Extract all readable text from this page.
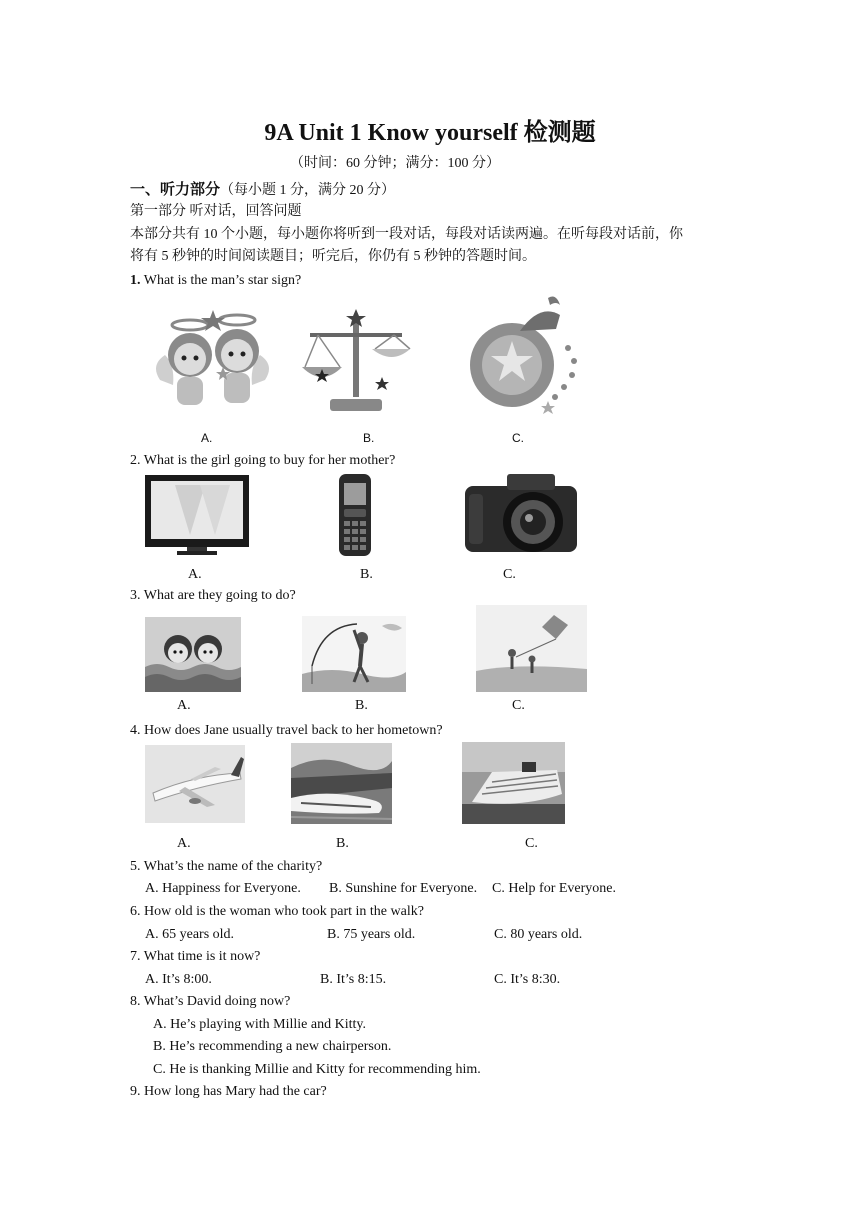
9A Unit 1 Know yourself 检测题
（时间：60 分钟；满分：100 分）
一、听力部分（每小题 1 分，满分 20 分）
第一部分 听对话，回答问题
本部分共有 10 个小题，每小题你将听到一段对话，每段对话读两遍。在听每段对话前，你
将有 5 秒钟的时间阅读题目；听完后，你仍有 5 秒钟的答题时间。
1. What is the man’s star sign?
A.	B.	C.
2. What is the girl going to buy for her mother?
A.	B.	C.
3. What are they going to do?
A.	B.	C.
4. How does Jane usually travel back to her hometown?
A.	B.	C.
5. What’s the name of the charity?
A. Happiness for Everyone. B. Sunshine for Everyone. C. Help for Everyone.
6. How old is the woman who took part in the walk?
A. 65 years old.	B. 75 years old.	C. 80 years old.
7. What time is it now?
A. It’s 8:00.	B. It’s 8:15.	C. It’s 8:30.
8. What’s David doing now?
A. He’s playing with Millie and Kitty.
B. He’s recommending a new chairperson.
C. He is thanking Millie and Kitty for recommending him.
9. How long has Mary had the car?
